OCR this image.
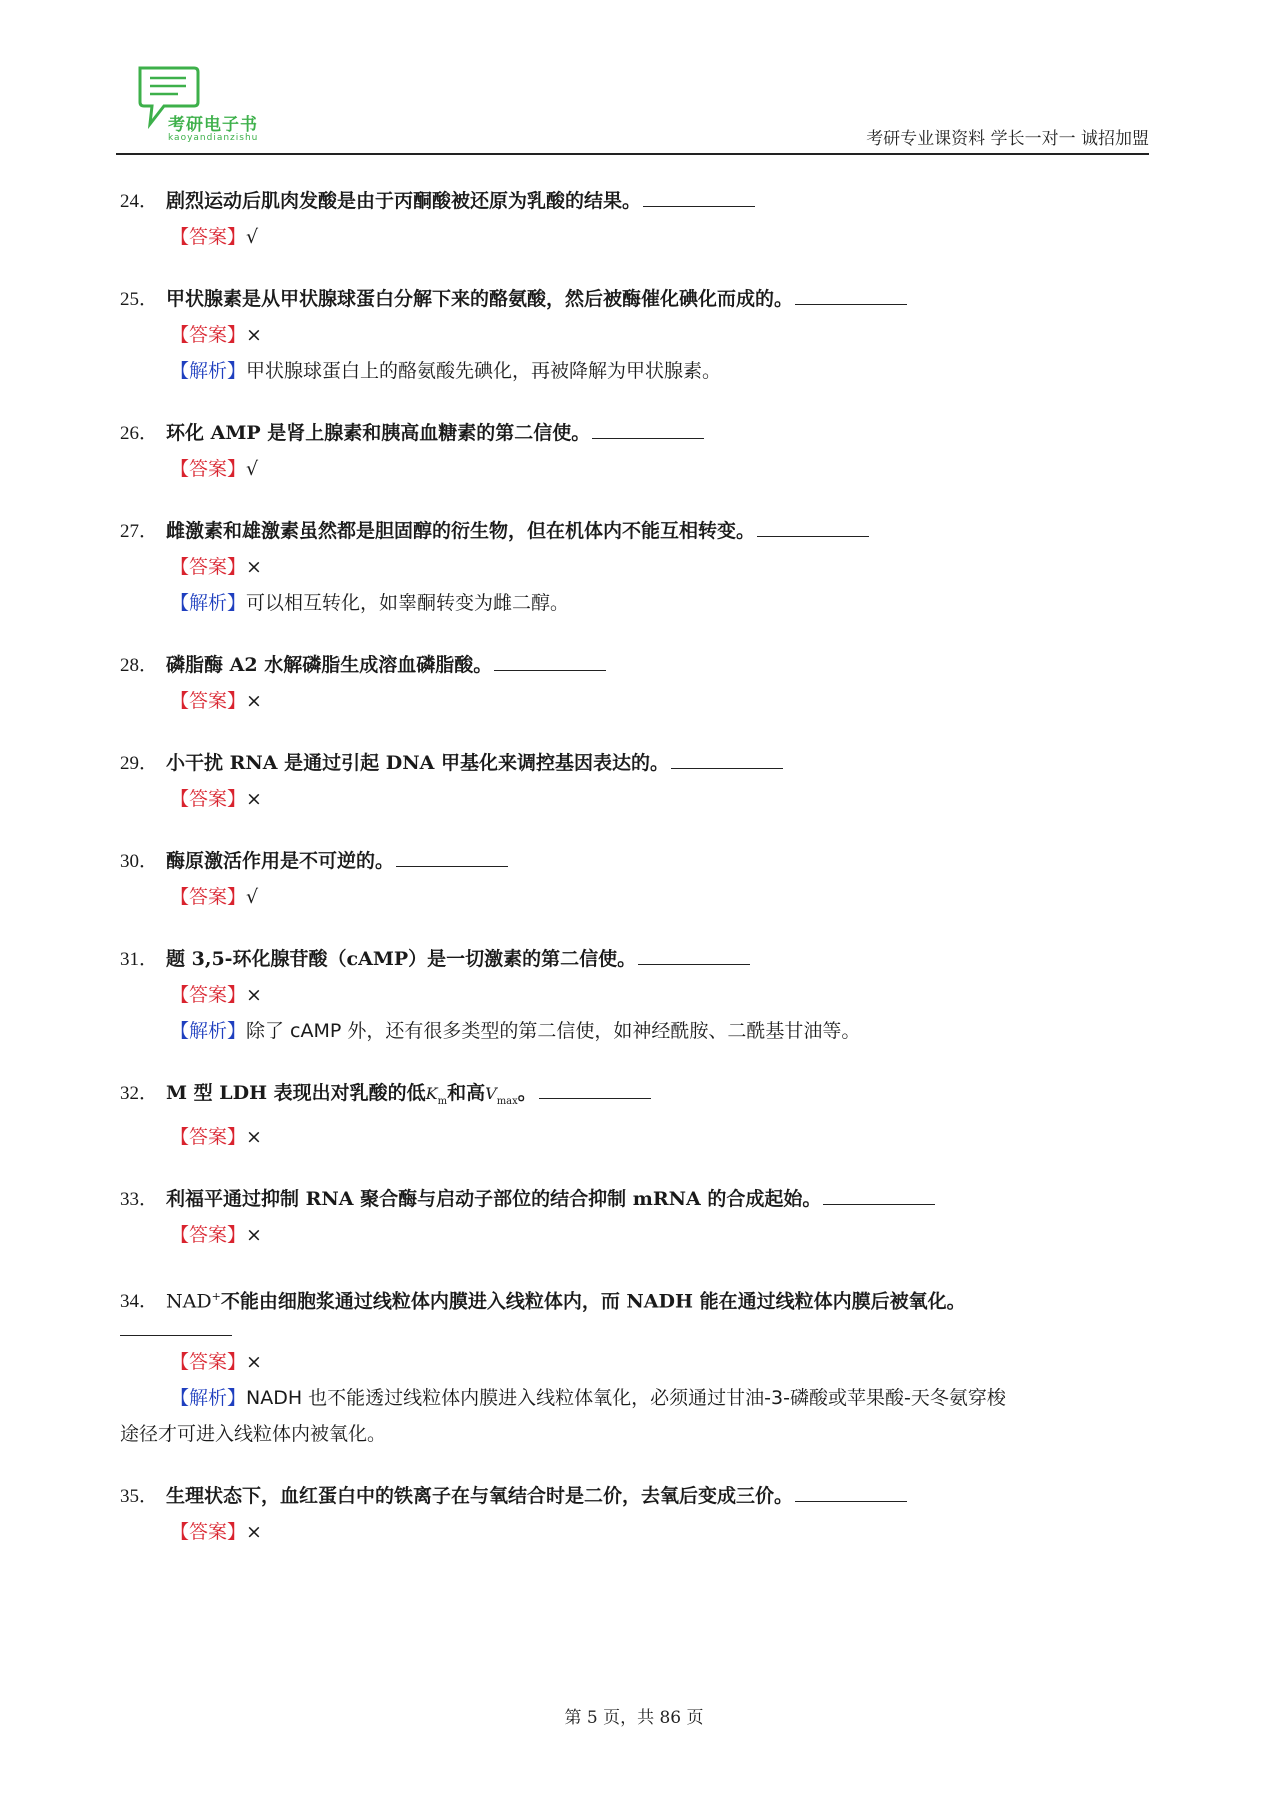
考研电子书
kaoyandianzishu	考研专业课资料 学长一对一 诚招加盟
24． 剧烈运动后肌肉发酸是由于丙酮酸被还原为乳酸的结果。
【答案】√
25． 甲状腺素是从甲状腺球蛋白分解下来的酪氨酸，然后被酶催化碘化而成的。
【答案】×
【解析】甲状腺球蛋白上的酪氨酸先碘化，再被降解为甲状腺素。
26． 环化 AMP 是肾上腺素和胰高血糖素的第二信使。
【答案】√
27． 雌激素和雄激素虽然都是胆固醇的衍生物，但在机体内不能互相转变。
【答案】×
【解析】可以相互转化，如睾酮转变为雌二醇。
28． 磷脂酶 A2 水解磷脂生成溶血磷脂酸。
【答案】×
29． 小干扰 RNA 是通过引起 DNA 甲基化来调控基因表达的。
【答案】×
30． 酶原激活作用是不可逆的。
【答案】√
31． 题 3,5-环化腺苷酸（cAMP）是一切激素的第二信使。
【答案】×
【解析】除了 cAMP 外，还有很多类型的第二信使，如神经酰胺、二酰基甘油等。
32． M 型 LDH 表现出对乳酸的低$K_m$和高$V_{max}$。
【答案】×
33． 利福平通过抑制 RNA 聚合酶与启动子部位的结合抑制 mRNA 的合成起始。
【答案】×
34． NAD+不能由细胞浆通过线粒体内膜进入线粒体内，而 NADH 能在通过线粒体内膜后被氧化。
【答案】×
【解析】NADH 也不能透过线粒体内膜进入线粒体氧化，必须通过甘油-3-磷酸或苹果酸-天冬氨穿梭
途径才可进入线粒体内被氧化。
35． 生理状态下，血红蛋白中的铁离子在与氧结合时是二价，去氧后变成三价。
【答案】×
第 5 页，共 86 页
